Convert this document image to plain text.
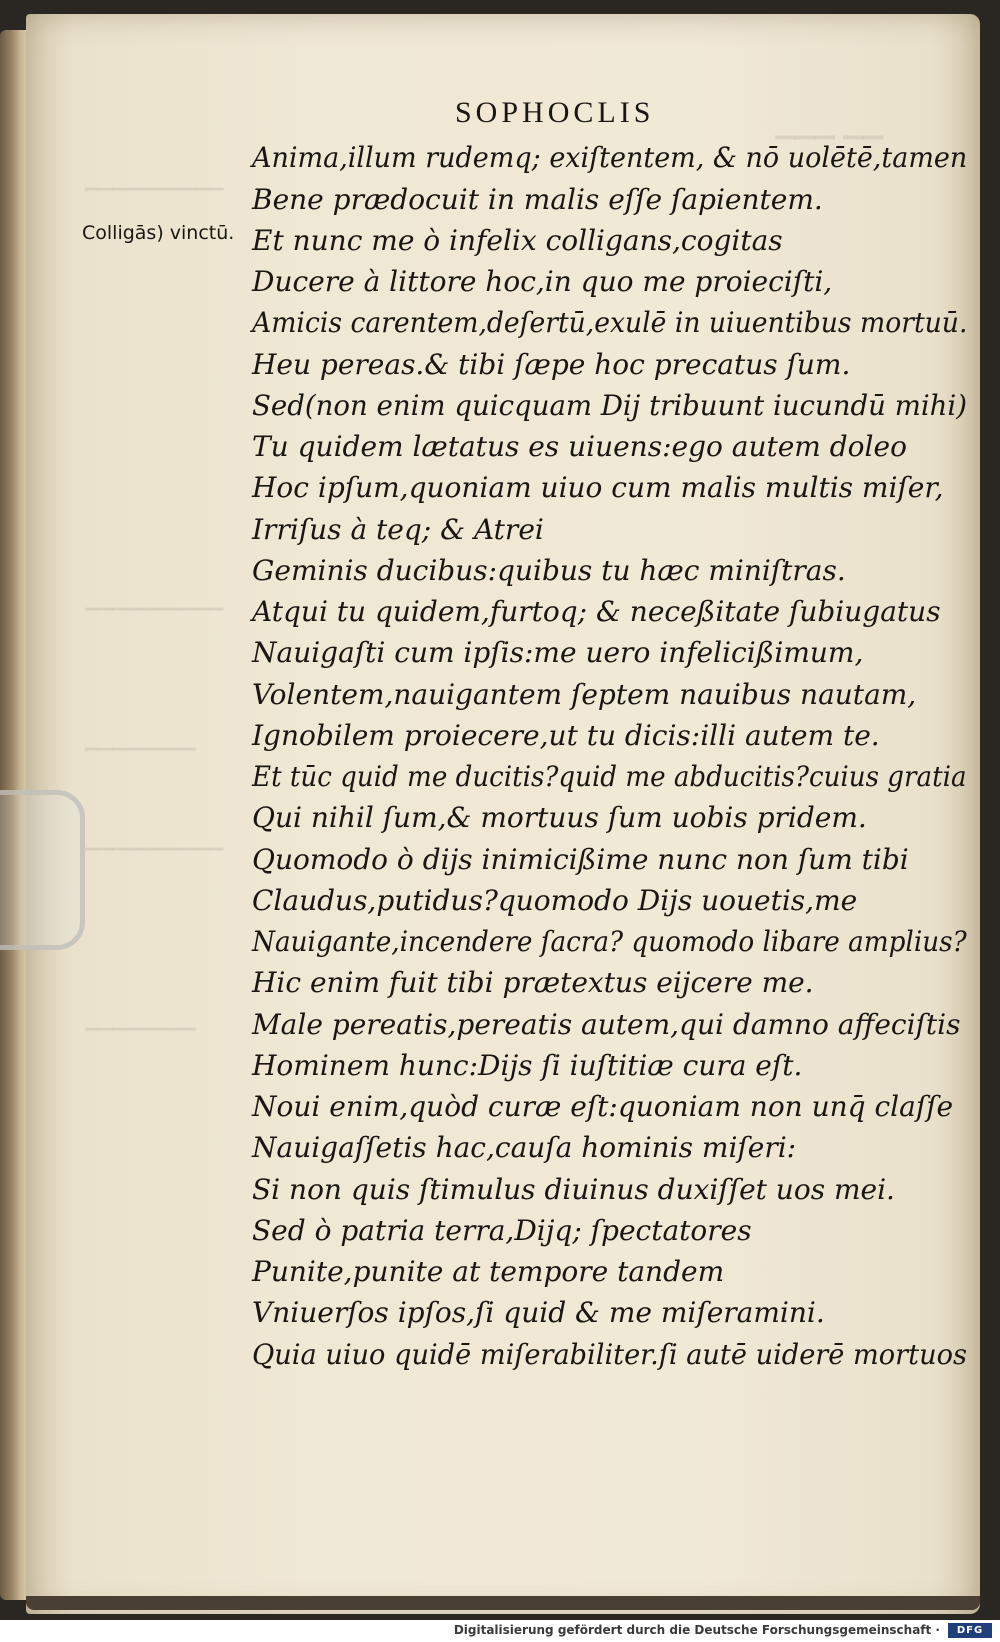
SOPHOCLIS
Colligās) vinctū.
Anima,illum rudemq; exiſtentem, & nō uolētē,tamen
Bene prædocuit in malis eſſe ſapientem.
Et nunc me ò infelix colligans,cogitas
Ducere à littore hoc,in quo me proieciſti,
Amicis carentem,deſertū,exulē in uiuentibus mortuū.
Heu pereas.& tibi ſæpe hoc precatus ſum.
Sed(non enim quicquam Dij tribuunt iucundū mihi)
Tu quidem lætatus es uiuens:ego autem doleo
Hoc ipſum,quoniam uiuo cum malis multis miſer,
Irriſus à teq; & Atrei
Geminis ducibus:quibus tu hæc miniſtras.
Atqui tu quidem,furtoq; & neceßitate ſubiugatus
Nauigaſti cum ipſis:me uero infelicißimum,
Volentem,nauigantem ſeptem nauibus nautam,
Ignobilem proiecere,ut tu dicis:illi autem te.
Et tūc quid me ducitis?quid me abducitis?cuius gratia
Qui nihil ſum,& mortuus ſum uobis pridem.
Quomodo ò dijs inimicißime nunc non ſum tibi
Claudus,putidus?quomodo Dijs uouetis,me
Nauigante,incendere ſacra? quomodo libare amplius?
Hic enim fuit tibi prætextus eijcere me.
Male pereatis,pereatis autem,qui damno affeciſtis
Hominem hunc:Dijs ſi iuſtitiæ cura eſt.
Noui enim,quòd curæ eſt:quoniam non unq̄ claſſe
Nauigaſſetis hac,cauſa hominis miſeri:
Si non quis ſtimulus diuinus duxiſſet uos mei.
Sed ò patria terra,Dijq; ſpectatores
Punite,punite at tempore tandem
Vniuerſos ipſos,ſi quid & me miſeramini.
Quia uiuo quidē miſerabiliter.ſi autē uiderē mortuos
Digitalisierung gefördert durch die Deutsche Forschungsgemeinschaft ·	DFG
